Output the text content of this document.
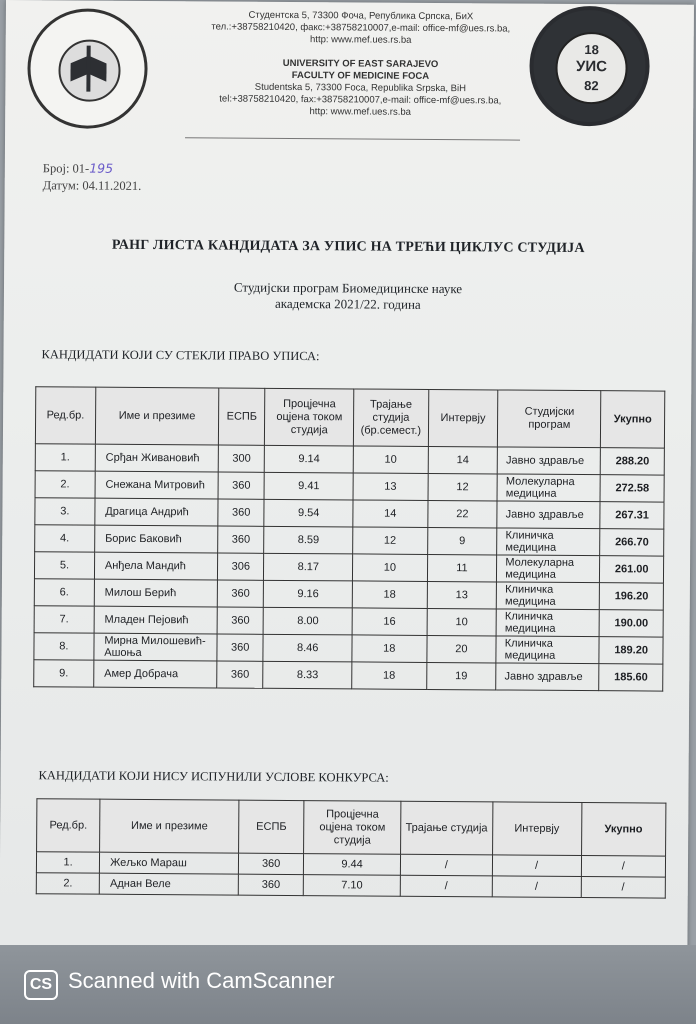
Студентска 5, 73300 Фоча, Република Српска, БиХ
тел.:+38758210420, факс:+38758210007,e-mail: office-mf@ues.rs.ba,
http: www.mef.ues.rs.ba
UNIVERSITY OF EAST SARAJEVO
FACULTY OF MEDICINE FOCA
Studentska 5, 73300 Foca, Republika Srpska, BiH
tel:+38758210420, fax:+38758210007,e-mail: office-mf@ues.rs.ba,
http: www.mef.ues.rs.ba
18
УИС
82
Број: 01-195
Датум: 04.11.2021.
РАНГ ЛИСТА КАНДИДАТА ЗА УПИС НА ТРЕЋИ ЦИКЛУС СТУДИЈА
Студијски програм Биомедицинске науке
академска 2021/22. година
КАНДИДАТИ КОЈИ СУ СТЕКЛИ ПРАВО УПИСА:
Ред.бр.	Име и презиме	ЕСПБ	Процјечна оцјена током студија	Трајање студија (бр.семест.)	Интервју	Студијски програм	Укупно
1.	Срђан Живановић	300	9.14	10	14	Јавно здравље	288.20
2.	Снежана Митровић	360	9.41	13	12	Молекуларна медицина	272.58
3.	Драгица Андрић	360	9.54	14	22	Јавно здравље	267.31
4.	Борис Баковић	360	8.59	12	9	Клиничка медицина	266.70
5.	Анђела Мандић	306	8.17	10	11	Молекуларна медицина	261.00
6.	Милош Берић	360	9.16	18	13	Клиничка медицина	196.20
7.	Младен Пејовић	360	8.00	16	10	Клиничка медицина	190.00
8.	Мирна Милошевић-Ашоња	360	8.46	18	20	Клиничка медицина	189.20
9.	Амер Добрача	360	8.33	18	19	Јавно здравље	185.60
КАНДИДАТИ КОЈИ НИСУ ИСПУНИЛИ УСЛОВЕ КОНКУРСА:
Ред.бр.	Име и презиме	ЕСПБ	Процјечна оцјена током студија	Трајање студија	Интервју	Укупно
1.	Жељко Мараш	360	9.44	/	/	/
2.	Аднан Веле	360	7.10	/	/	/
CS Scanned with CamScanner
